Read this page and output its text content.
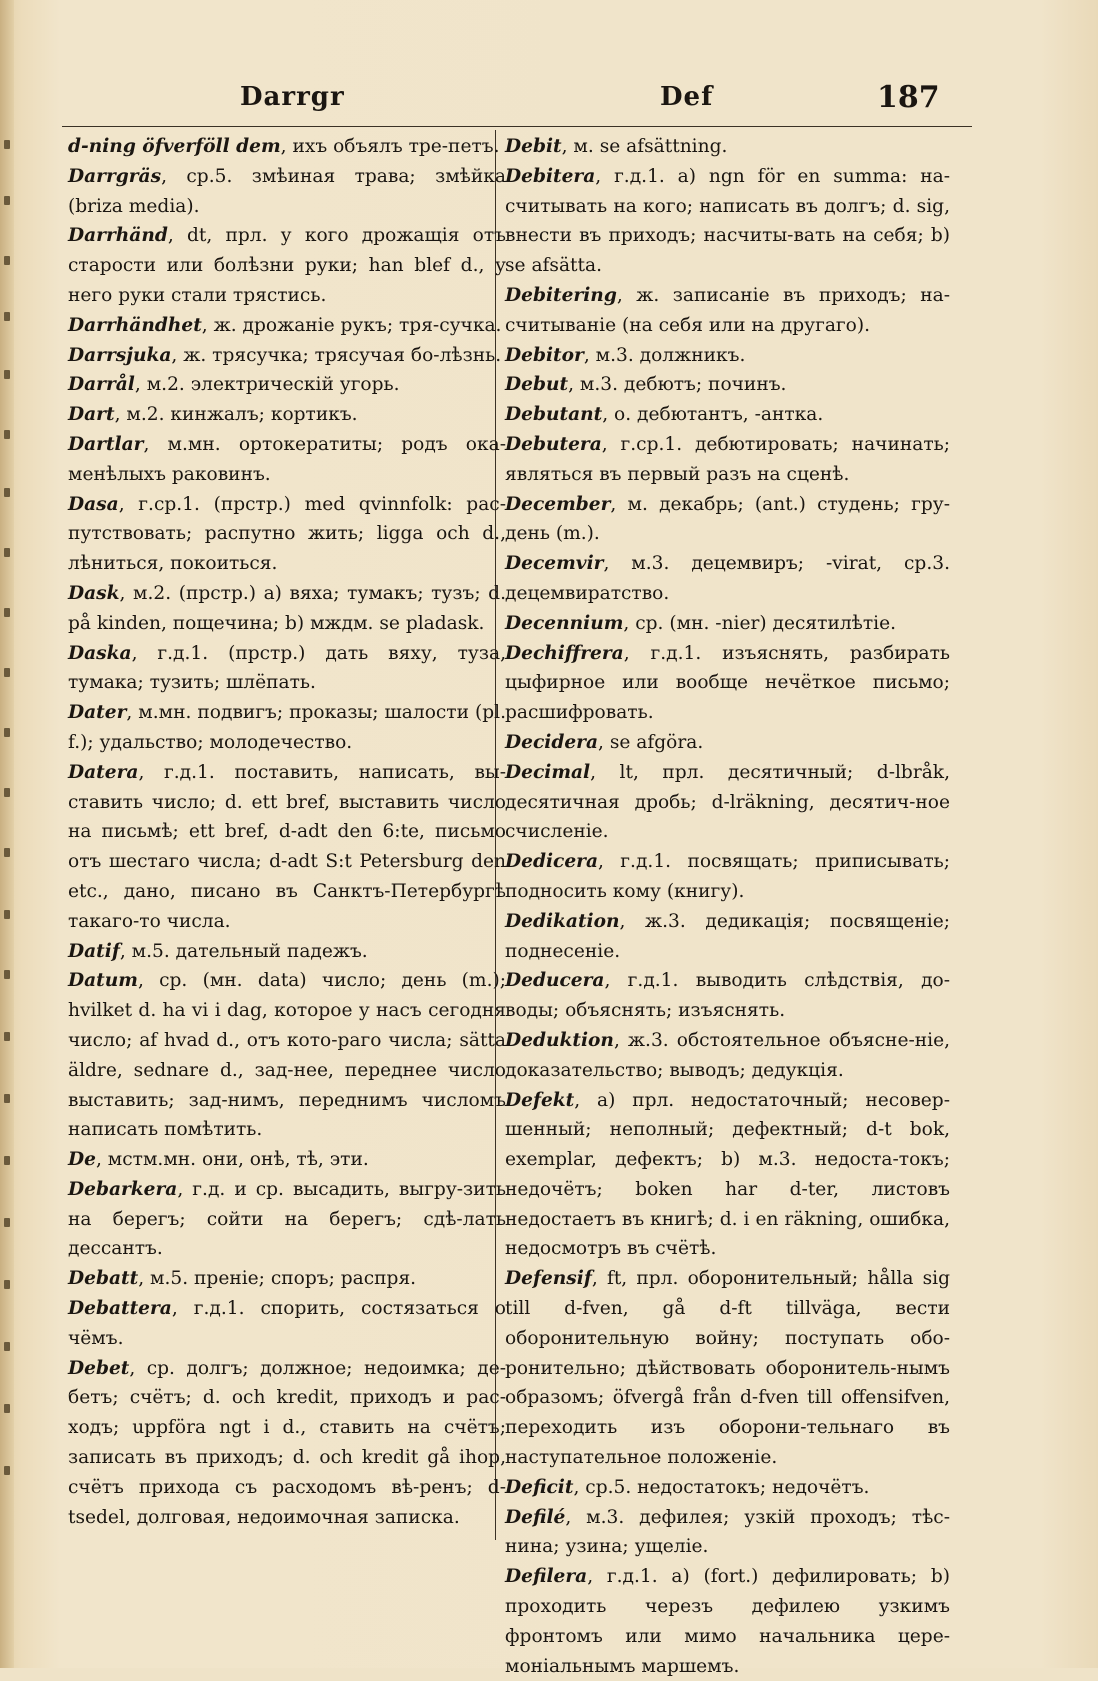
Darrgr	Def	187

d-ning öfverföll dem, ихъ объялъ тре-петъ.

Darrgräs, ср.5. змѣиная трава; змѣйка (briza media).

Darrhänd, dt, прл. у кого дрожащія отъ старости или болѣзни руки; han blef d., у него руки стали трястись.

Darrhändhet, ж. дрожаніе рукъ; тря-сучка.

Darrsjuka, ж. трясучка; трясучая бо-лѣзнь.

Darrål, м.2. электрическій угорь.

Dart, м.2. кинжалъ; кортикъ.

Dartlar, м.мн. ортокератиты; родъ ока-менѣлыхъ раковинъ.

Dasa, г.ср.1. (прстр.) med qvinnfolk: рас-путствовать; распутно жить; ligga och d., лѣниться, покоиться.

Dask, м.2. (прстр.) а) вяха; тумакъ; тузъ; d. på kinden, пощечина; b) мждм. se pladask.

Daska, г.д.1. (прстр.) дать вяху, туза, тумака; тузить; шлёпать.

Dater, м.мн. подвигъ; проказы; шалости (pl. f.); удальство; молодечество.

Datera, г.д.1. поставить, написать, вы-ставить число; d. ett bref, выставить число на письмѣ; ett bref, d-adt den 6:te, письмо отъ шестаго числа; d-adt S:t Petersburg den etc., дано, писано въ Санктъ-Петербургѣ такаго-то числа.

Datif, м.5. дательный падежъ.

Datum, ср. (мн. data) число; день (m.); hvilket d. ha vi i dag, которое у насъ сегодня число; af hvad d., отъ кото-раго числа; sätta äldre, sednare d., зад-нее, переднее число выставить; зад-нимъ, переднимъ числомъ написать помѣтить.

De, мстм.мн. они, онѣ, тѣ, эти.

Debarkera, г.д. и ср. высадить, выгру-зить на берегъ; сойти на берегъ; сдѣ-лать дессантъ.

Debatt, м.5. преніе; споръ; распря.

Debattera, г.д.1. спорить, состязаться о чёмъ.

Debet, ср. долгъ; должное; недоимка; де-бетъ; счётъ; d. och kredit, приходъ и рас-ходъ; uppföra ngt i d., ставить на счётъ; записать въ приходъ; d. och kredit gå ihop, счётъ прихода съ расходомъ вѣ-ренъ; d-tsedel, долговая, недоимочная записка.

Debit, м. se afsättning.

Debitera, г.д.1. а) ngn för en summa: на-считывать на кого; написать въ долгъ; d. sig, внести въ приходъ; насчиты-вать на себя; b) se afsätta.

Debitering, ж. записаніе въ приходъ; на-считываніе (на себя или на другаго).

Debitor, м.3. должникъ.

Debut, м.3. дебютъ; починъ.

Debutant, о. дебютантъ, -антка.

Debutera, г.ср.1. дебютировать; начинать; являться въ первый разъ на сценѣ.

December, м. декабрь; (ant.) студень; гру-день (m.).

Decemvir, м.3. децемвиръ; -virat, ср.3. децемвиратство.

Decennium, ср. (мн. -nier) десятилѣтіе.

Dechiffrera, г.д.1. изъяснять, разбирать цыфирное или вообще нечёткое письмо; расшифровать.

Decidera, se afgöra.

Decimal, lt, прл. десятичный; d-lbråk, десятичная дробь; d-lräkning, десятич-ное счисленіе.

Dedicera, г.д.1. посвящать; приписывать; подносить кому (книгу).

Dedikation, ж.3. дедикація; посвященіе; поднесеніе.

Deducera, г.д.1. выводить слѣдствія, до-воды; объяснять; изъяснять.

Deduktion, ж.3. обстоятельное объясне-ніе, доказательство; выводъ; дедукція.

Defekt, а) прл. недостаточный; несовер-шенный; неполный; дефектный; d-t bok, exemplar, дефектъ; b) м.3. недоста-токъ; недочётъ; boken har d-ter, листовъ недостаетъ въ книгѣ; d. i en räkning, ошибка, недосмотръ въ счётѣ.

Defensif, ft, прл. оборонительный; hålla sig till d-fven, gå d-ft tillväga, вести оборонительную войну; поступать обо-ронительно; дѣйствовать оборонитель-нымъ образомъ; öfvergå från d-fven till offensifven, переходить изъ оборони-тельнаго въ наступательное положеніе.

Deficit, ср.5. недостатокъ; недочётъ.

Defilé, м.3. дефилея; узкій проходъ; тѣс-нина; узина; ущеліе.

Defilera, г.д.1. а) (fort.) дефилировать; b) проходить черезъ дефилею узкимъ фронтомъ или мимо начальника цере-моніальнымъ маршемъ.
